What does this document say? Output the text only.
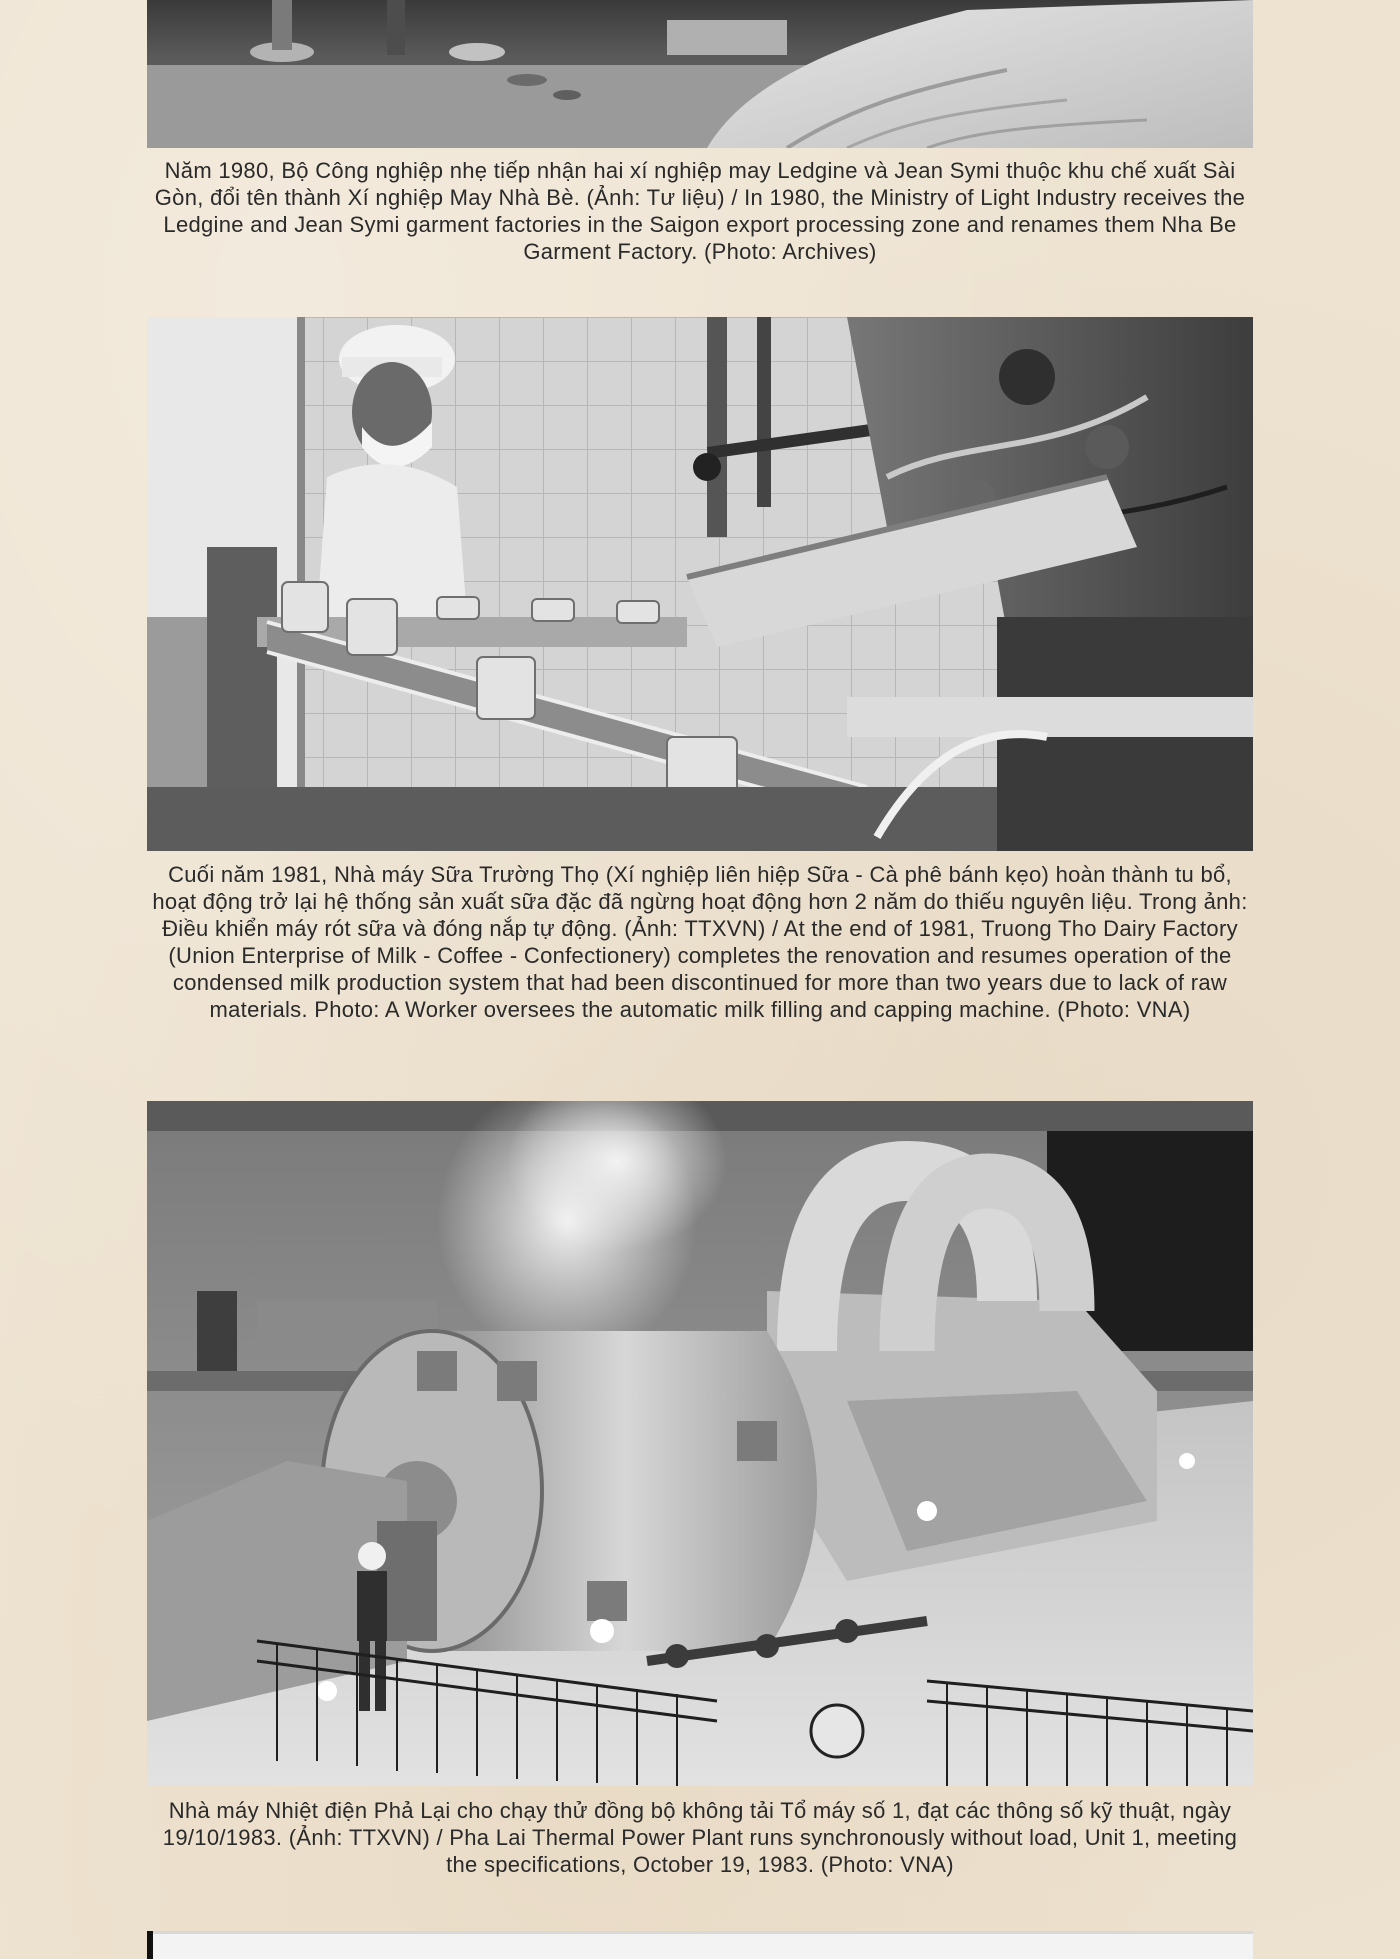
Năm 1980, Bộ Công nghiệp nhẹ tiếp nhận hai xí nghiệp may Ledgine và Jean Symi thuộc khu chế xuất Sài Gòn, đổi tên thành Xí nghiệp May Nhà Bè. (Ảnh: Tư liệu) / In 1980, the Ministry of Light Industry receives the Ledgine and Jean Symi garment factories in the Saigon export processing zone and renames them Nha Be Garment Factory. (Photo: Archives)

Cuối năm 1981, Nhà máy Sữa Trường Thọ (Xí nghiệp liên hiệp Sữa - Cà phê bánh kẹo) hoàn thành tu bổ, hoạt động trở lại hệ thống sản xuất sữa đặc đã ngừng hoạt động hơn 2 năm do thiếu nguyên liệu. Trong ảnh: Điều khiển máy rót sữa và đóng nắp tự động. (Ảnh: TTXVN) / At the end of 1981, Truong Tho Dairy Factory (Union Enterprise of Milk - Coffee - Confectionery) completes the renovation and resumes operation of the condensed milk production system that had been discontinued for more than two years due to lack of raw materials. Photo: A Worker oversees the automatic milk filling and capping machine. (Photo: VNA)

Nhà máy Nhiệt điện Phả Lại cho chạy thử đồng bộ không tải Tổ máy số 1, đạt các thông số kỹ thuật, ngày 19/10/1983. (Ảnh: TTXVN) / Pha Lai Thermal Power Plant runs synchronously without load, Unit 1, meeting the specifications, October 19, 1983. (Photo: VNA)
